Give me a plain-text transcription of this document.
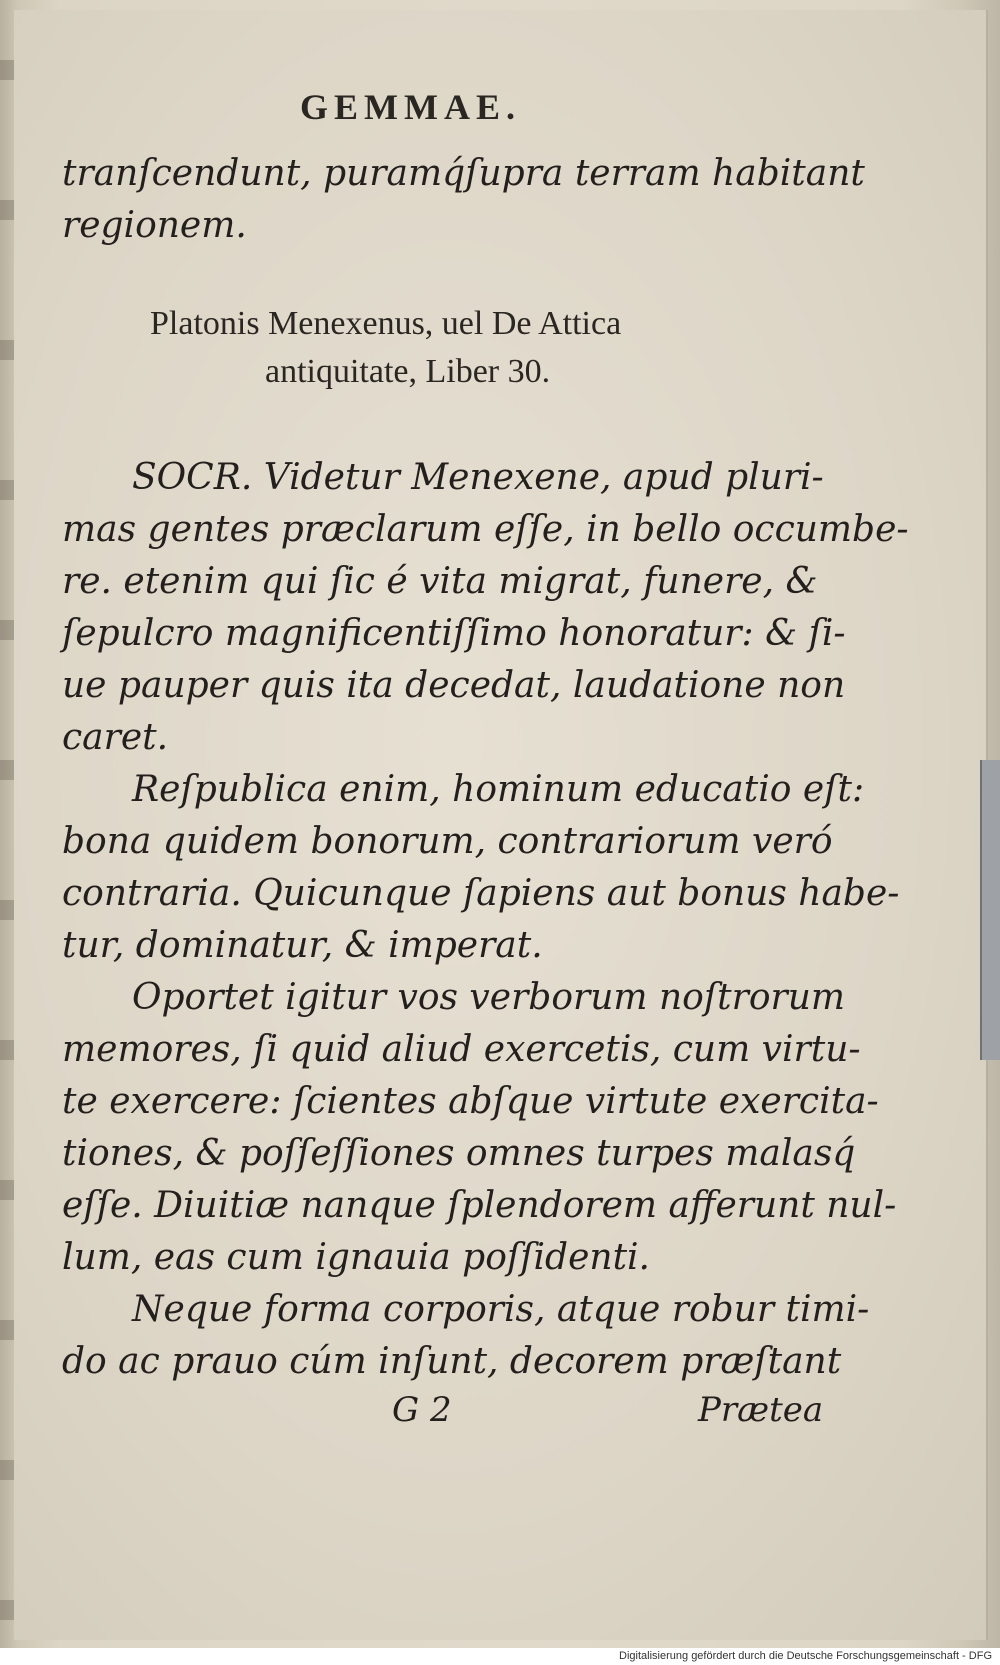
GEMMAE.
tranſcendunt, puramq́ſupra terram habitant
regionem.
Platonis Menexenus, uel De Attica
antiquitate, Liber 30.
SOCR. Videtur Menexene, apud pluri-
mas gentes præclarum eſſe, in bello occumbe-
re. etenim qui ſic é vita migrat, funere, &
ſepulcro magnificentiſſimo honoratur: & ſi-
ue pauper quis ita decedat, laudatione non
caret.
Reſpublica enim, hominum educatio eſt:
bona quidem bonorum, contrariorum veró
contraria. Quicunque ſapiens aut bonus habe-
tur, dominatur, & imperat.
Oportet igitur vos verborum noſtrorum
memores, ſi quid aliud exercetis, cum virtu-
te exercere: ſcientes abſque virtute exercita-
tiones, & poſſeſſiones omnes turpes malasq́
eſſe. Diuitiæ nanque ſplendorem afferunt nul-
lum, eas cum ignauia poſſidenti.
Neque forma corporis, atque robur timi-
do ac prauo cúm inſunt, decorem præſtant
G 2	Prætea
Digitalisierung gefördert durch die Deutsche Forschungsgemeinschaft - DFG
